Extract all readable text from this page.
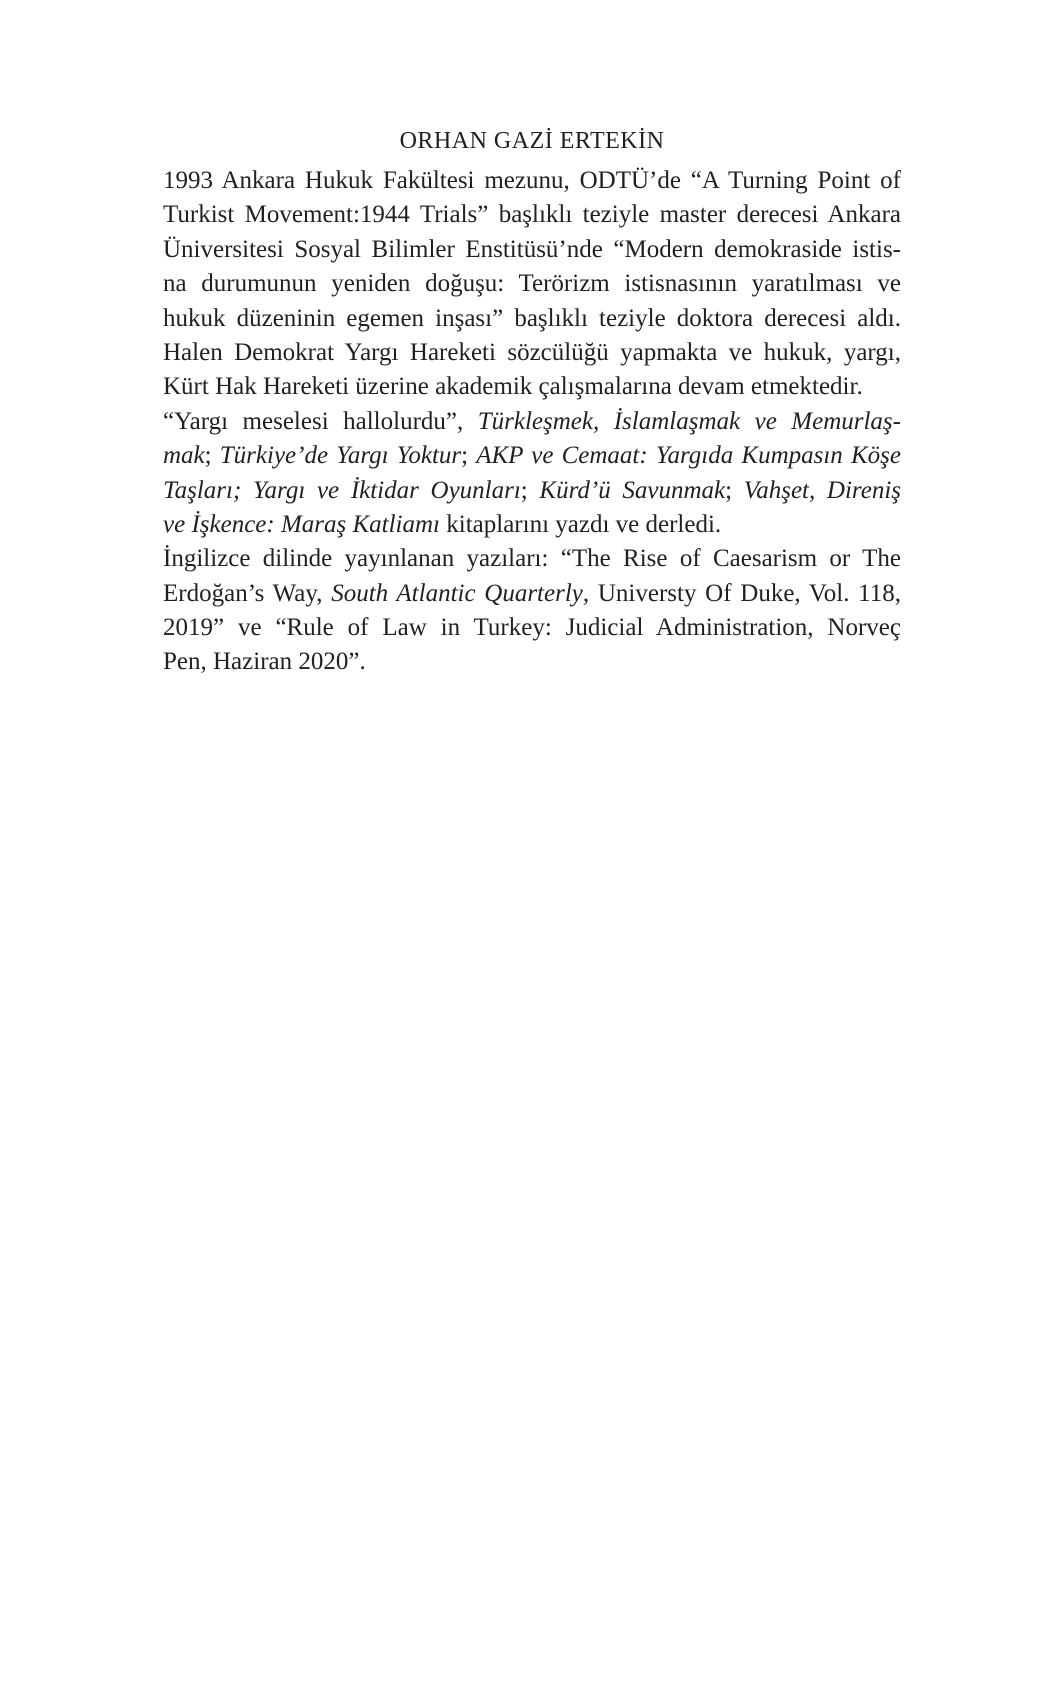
ORHAN GAZİ ERTEKİN
1993 Ankara Hukuk Fakültesi mezunu, ODTÜ’de “A Turning Point of
Turkist Movement:1944 Trials” başlıklı teziyle master derecesi Ankara
Üniversitesi Sosyal Bilimler Enstitüsü’nde “Modern demokraside istis-
na durumunun yeniden doğuşu: Terörizm istisnasının yaratılması ve
hukuk düzeninin egemen inşası” başlıklı teziyle doktora derecesi aldı.
Halen Demokrat Yargı Hareketi sözcülüğü yapmakta ve hukuk, yargı,
Kürt Hak Hareketi üzerine akademik çalışmalarına devam etmektedir.
“Yargı meselesi hallolurdu”, Türkleşmek, İslamlaşmak ve Memurlaş-
mak; Türkiye’de Yargı Yoktur; AKP ve Cemaat: Yargıda Kumpasın Köşe
Taşları; Yargı ve İktidar Oyunları; Kürd’ü Savunmak; Vahşet, Direniş
ve İşkence: Maraş Katliamı kitaplarını yazdı ve derledi.
İngilizce dilinde yayınlanan yazıları: “The Rise of Caesarism or The
Erdoğan’s Way, South Atlantic Quarterly, Universty Of Duke, Vol. 118,
2019” ve “Rule of Law in Turkey: Judicial Administration, Norveç
Pen, Haziran 2020”.
